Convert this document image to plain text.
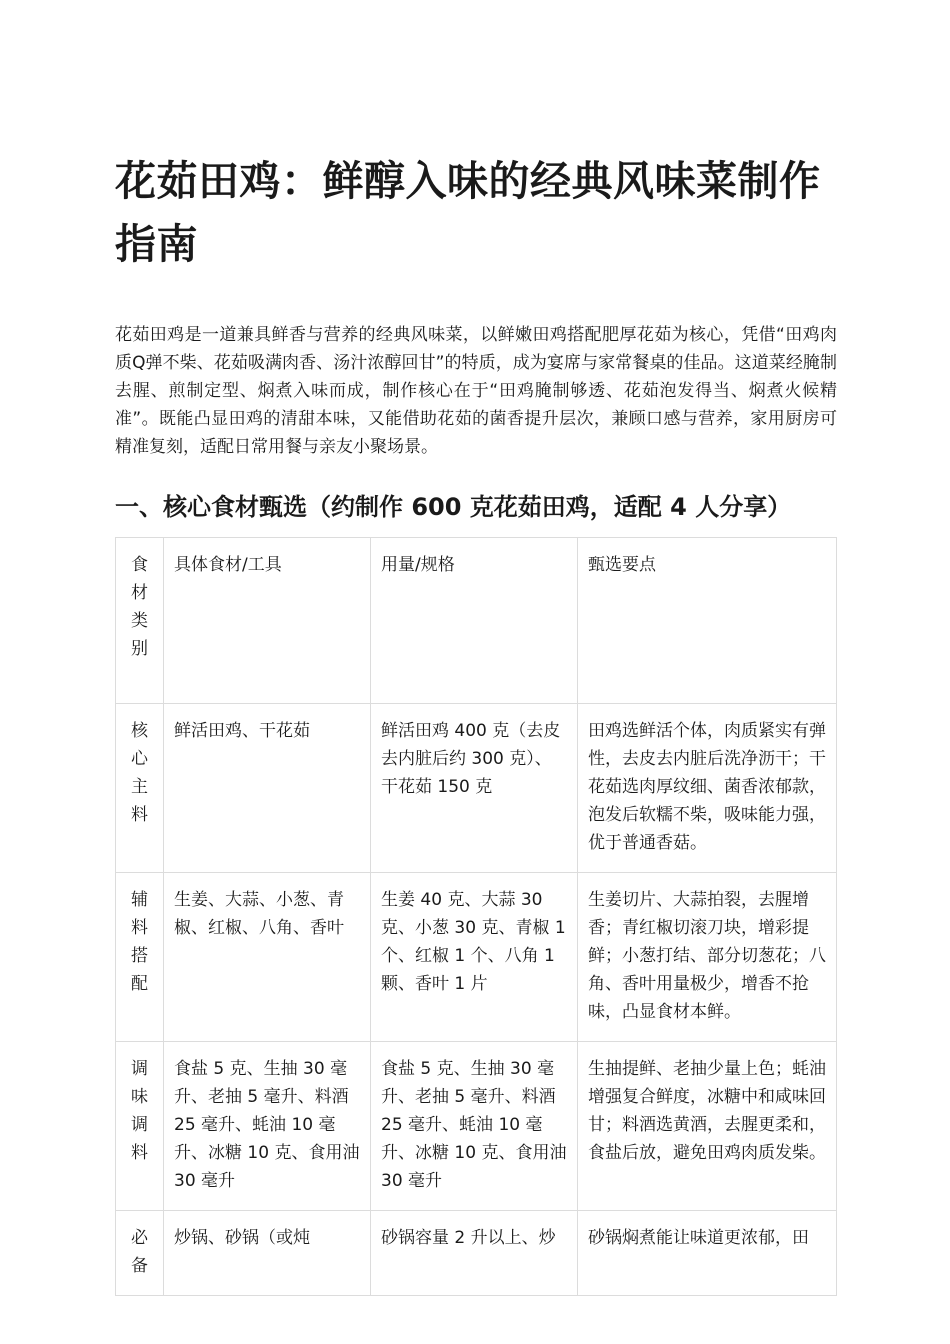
花茹田鸡：鲜醇入味的经典风味菜制作指南

花茹田鸡是一道兼具鲜香与营养的经典风味菜，以鲜嫩田鸡搭配肥厚花茹为核心，凭借“田鸡肉质Q弹不柴、花茹吸满肉香、汤汁浓醇回甘”的特质，成为宴席与家常餐桌的佳品。这道菜经腌制去腥、煎制定型、焖煮入味而成，制作核心在于“田鸡腌制够透、花茹泡发得当、焖煮火候精准”。既能凸显田鸡的清甜本味，又能借助花茹的菌香提升层次，兼顾口感与营养，家用厨房可精准复刻，适配日常用餐与亲友小聚场景。

一、核心食材甄选（约制作 600 克花茹田鸡，适配 4 人分享）
食材类别	具体食材/工具	用量/规格	甄选要点
核心主料	鲜活田鸡、干花茹	鲜活田鸡 400 克（去皮去内脏后约 300 克）、干花茹 150 克	田鸡选鲜活个体，肉质紧实有弹性，去皮去内脏后洗净沥干；干花茹选肉厚纹细、菌香浓郁款，泡发后软糯不柴，吸味能力强，优于普通香菇。
辅料搭配	生姜、大蒜、小葱、青椒、红椒、八角、香叶	生姜 40 克、大蒜 30 克、小葱 30 克、青椒 1 个、红椒 1 个、八角 1 颗、香叶 1 片	生姜切片、大蒜拍裂，去腥增香；青红椒切滚刀块，增彩提鲜；小葱打结、部分切葱花；八角、香叶用量极少，增香不抢味，凸显食材本鲜。
调味调料	食盐 5 克、生抽 30 毫升、老抽 5 毫升、料酒 25 毫升、蚝油 10 毫升、冰糖 10 克、食用油 30 毫升	食盐 5 克、生抽 30 毫升、老抽 5 毫升、料酒 25 毫升、蚝油 10 毫升、冰糖 10 克、食用油 30 毫升	生抽提鲜、老抽少量上色；蚝油增强复合鲜度，冰糖中和咸味回甘；料酒选黄酒，去腥更柔和，食盐后放，避免田鸡肉质发柴。
必备	炒锅、砂锅（或炖	砂锅容量 2 升以上、炒	砂锅焖煮能让味道更浓郁，田
